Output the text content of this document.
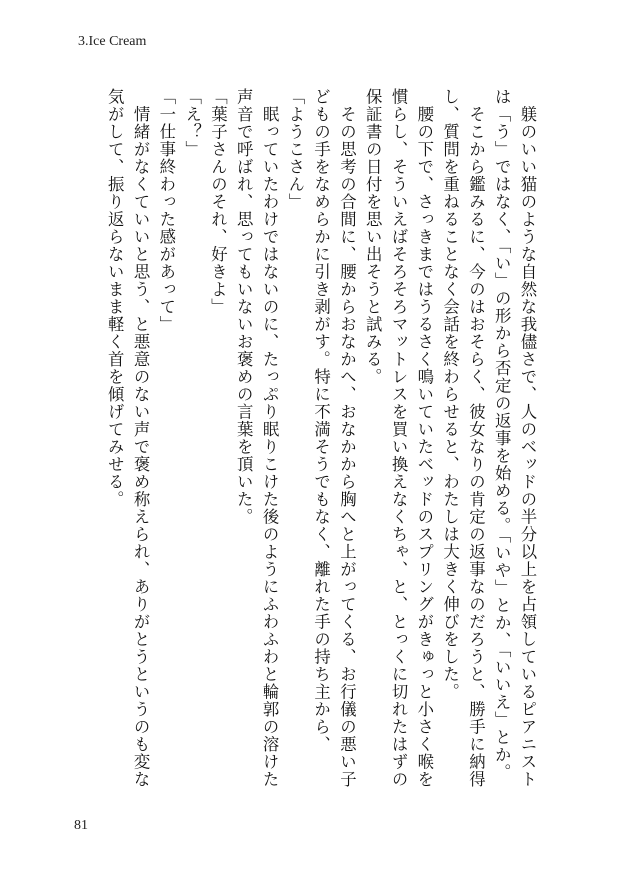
3.Ice Cream

　躾のいい猫のような自然な我儘さで、人のベッドの半分以上を占領しているピアニストは「う」ではなく、「い」の形から否定の返事を始める。「いや」とか、「いいえ」とか。

　そこから鑑みるに、今のはおそらく、彼女なりの肯定の返事なのだろうと、勝手に納得し、質問を重ねることなく会話を終わらせると、わたしは大きく伸びをした。

　腰の下で、さっきまではうるさく鳴いていたベッドのスプリングがきゅっと小さく喉を慣らし、そういえばそろそろマットレスを買い換えなくちゃ、と、とっくに切れたはずの保証書の日付を思い出そうと試みる。

　その思考の合間に、腰からおなかへ、おなかから胸へと上がってくる、お行儀の悪い子どもの手をなめらかに引き剥がす。特に不満そうでもなく、離れた手の持ち主から、

「ようこさん」

　眠っていたわけではないのに、たっぷり眠りこけた後のようにふわふわと輪郭の溶けた声音で呼ばれ、思ってもいないお褒めの言葉を頂いた。

「葉子さんのそれ、好きよ」

「え？」

「一仕事終わった感があって」

　情緒がなくていいと思う、と悪意のない声で褒め称えられ、ありがとうというのも変な気がして、振り返らないまま軽く首を傾げてみせる。

81
